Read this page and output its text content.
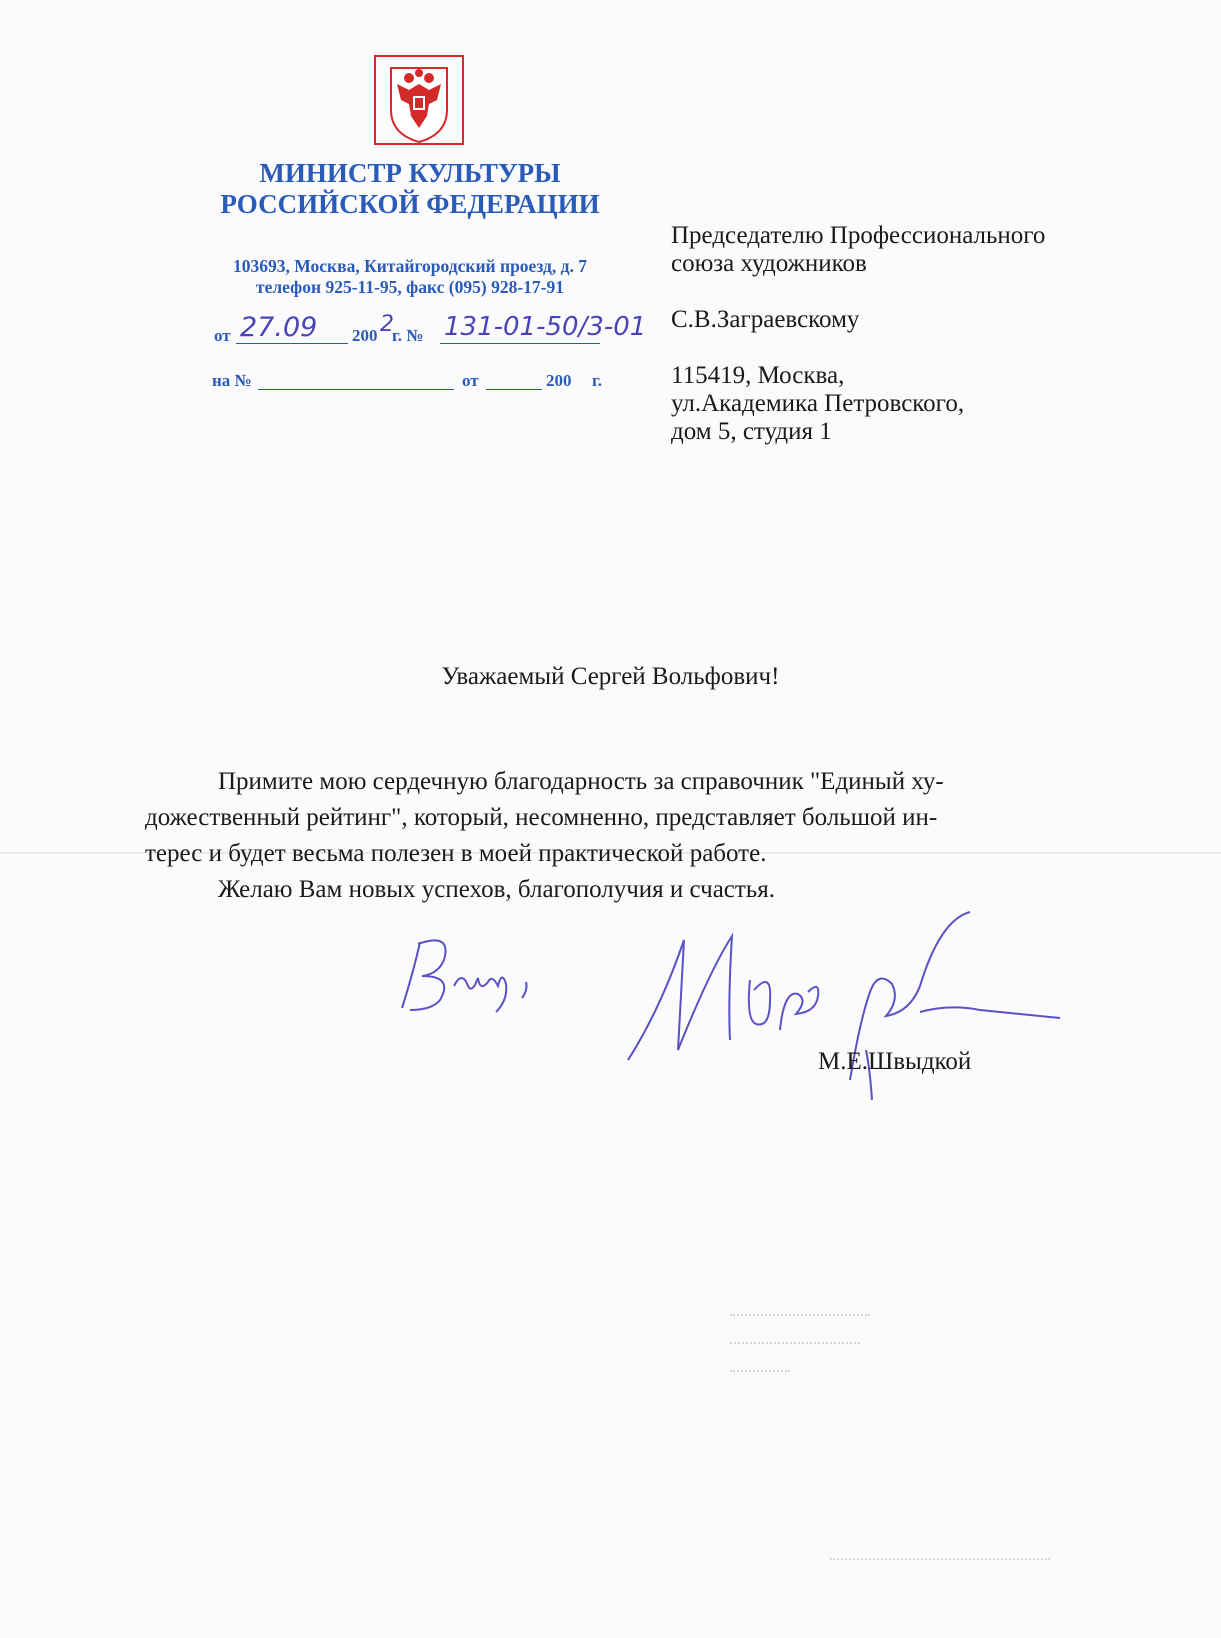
МИНИСТР КУЛЬТУРЫ
РОССИЙСКОЙ ФЕДЕРАЦИИ
103693, Москва, Китайгородский проезд, д. 7
телефон 925-11-95, факс (095) 928-17-91
от 27.09 200 2
г. № 131-01-50/3-01
на №	от	200 г.
Председателю Профессионального
союза художников
С.В.Заграевскому
115419, Москва,
ул.Академика Петровского,
дом 5, студия 1
Уважаемый Сергей Вольфович!
Примите мою сердечную благодарность за справочник "Единый ху-
дожественный рейтинг", который, несомненно, представляет большой ин-
терес и будет весьма полезен в моей практической работе.
Желаю Вам новых успехов, благополучия и счастья.
М.Е.Швыдкой
